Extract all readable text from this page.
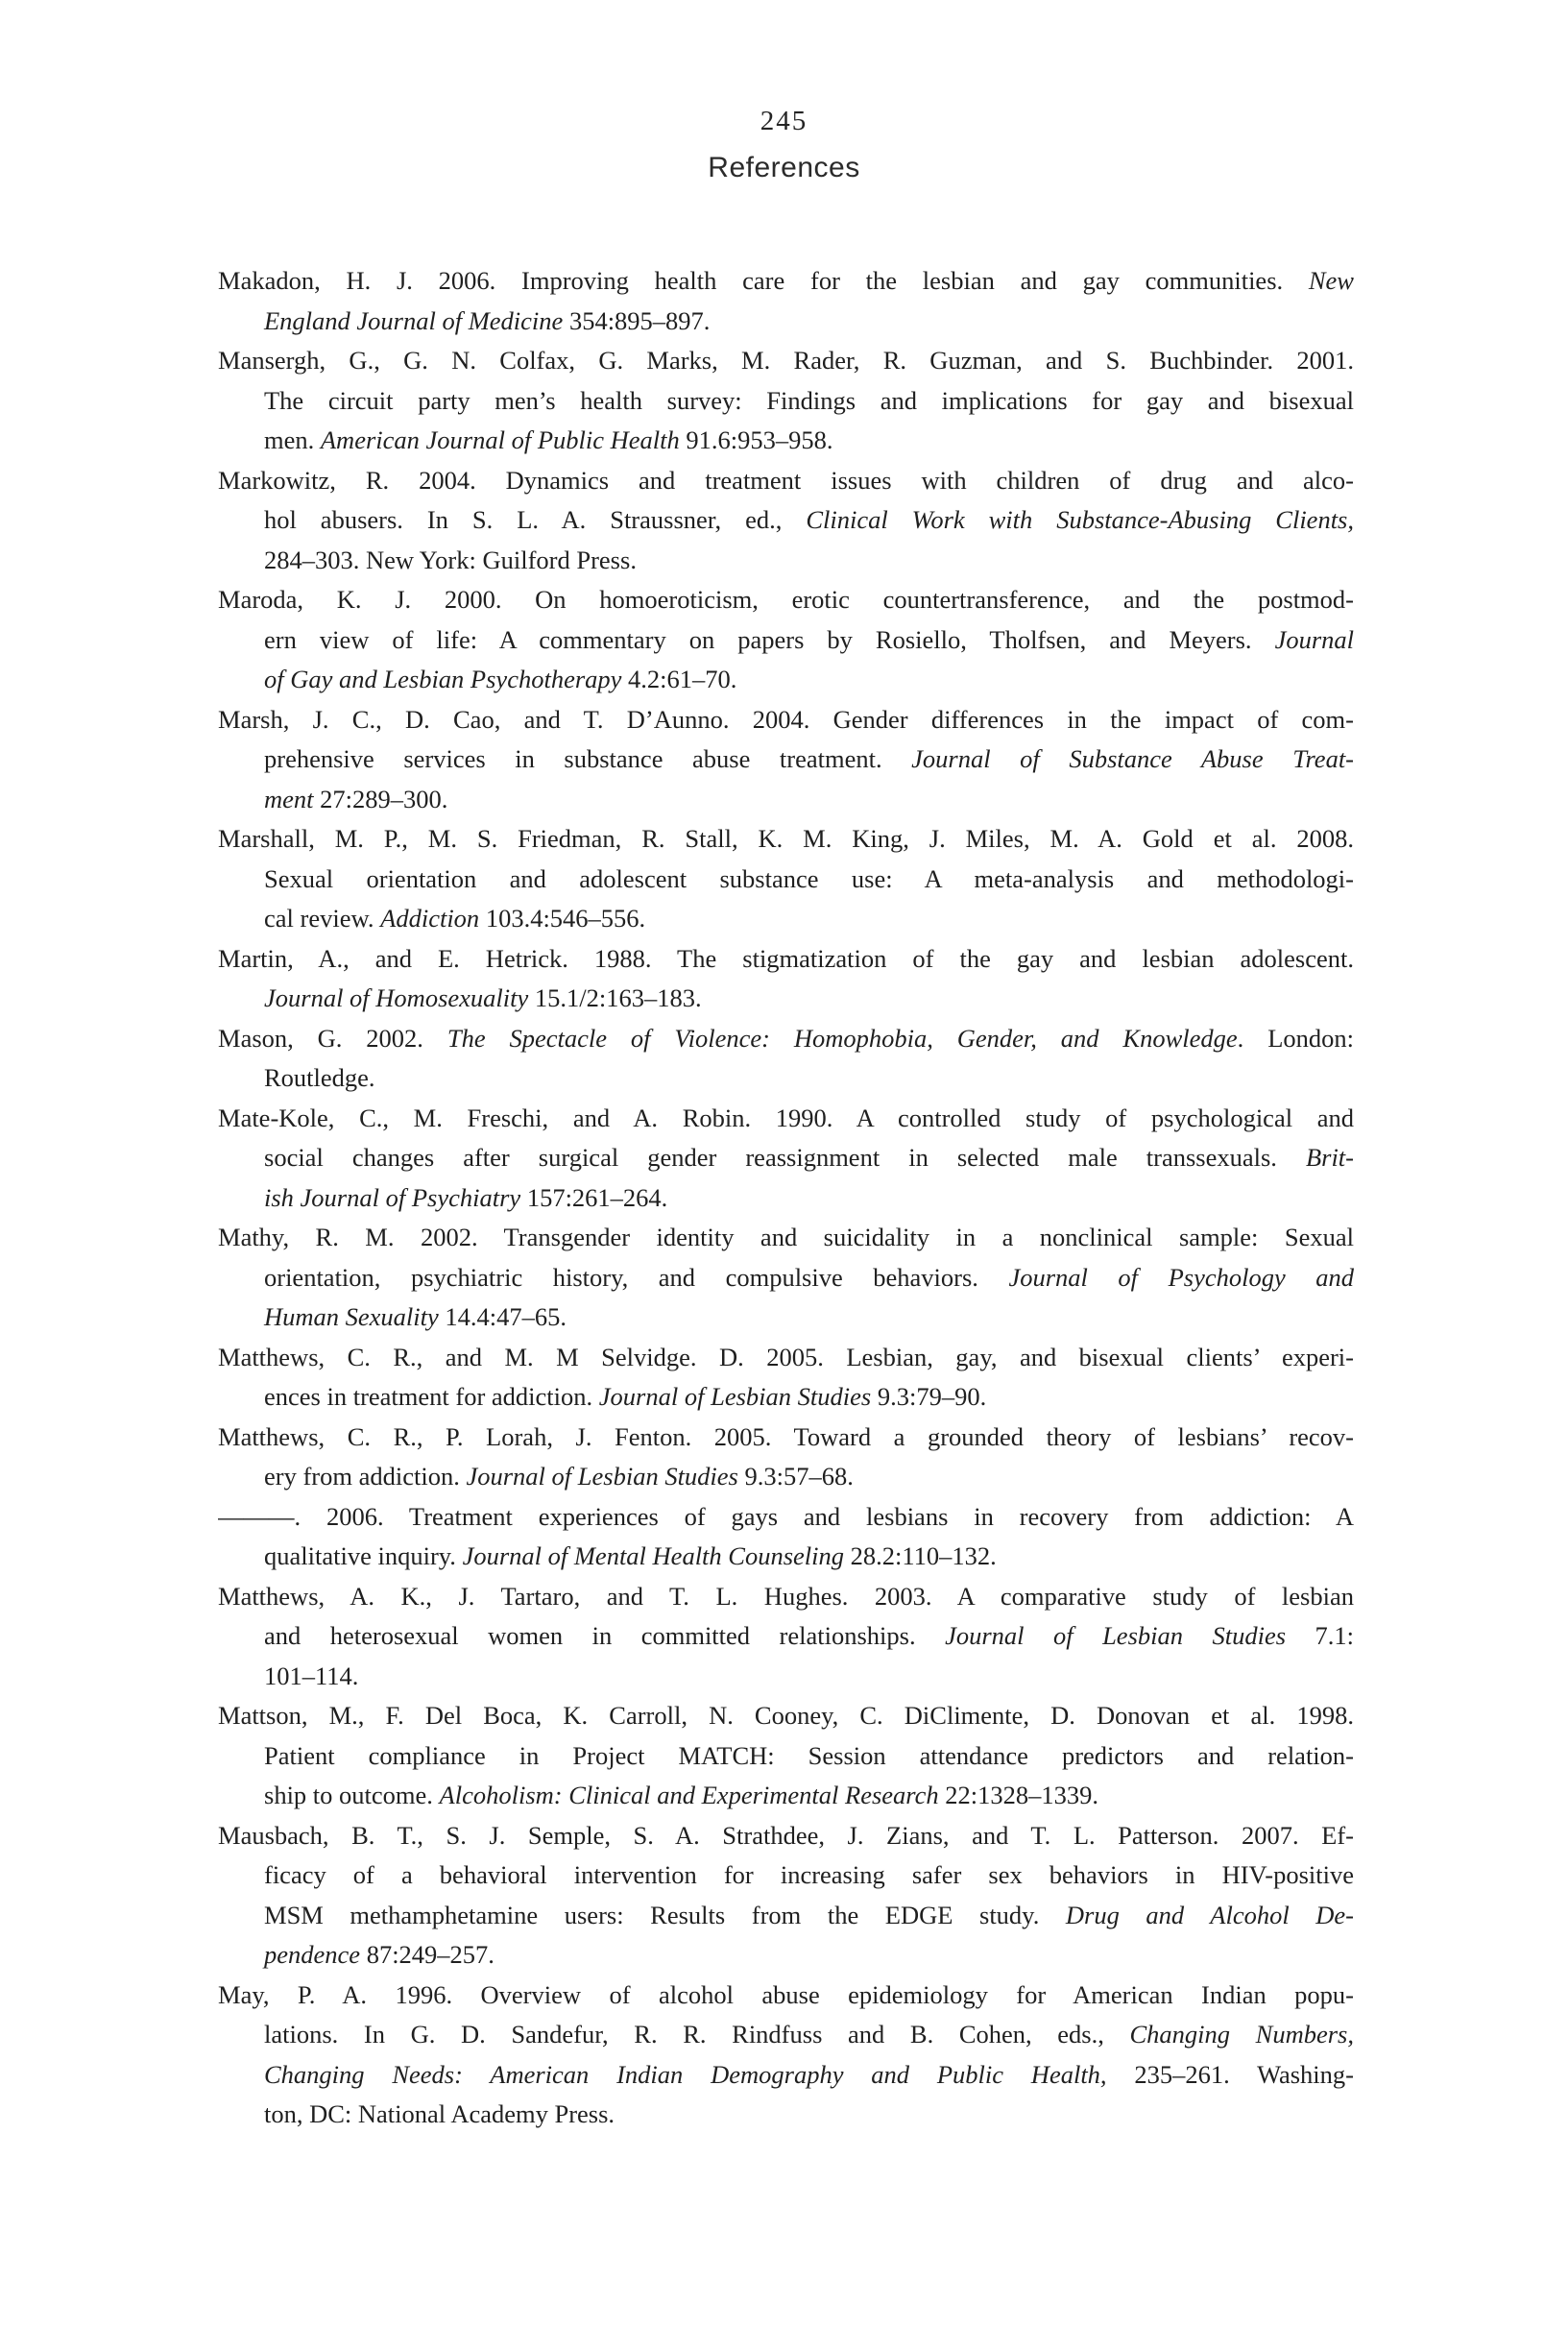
245
References
Makadon, H. J. 2006. Improving health care for the lesbian and gay communities. New
England Journal of Medicine 354:895–897.
Mansergh, G., G. N. Colfax, G. Marks, M. Rader, R. Guzman, and S. Buchbinder. 2001.
The circuit party men’s health survey: Findings and implications for gay and bisexual
men. American Journal of Public Health 91.6:953–958.
Markowitz, R. 2004. Dynamics and treatment issues with children of drug and alco-
hol abusers. In S. L. A. Straussner, ed., Clinical Work with Substance-Abusing Clients,
284–303. New York: Guilford Press.
Maroda, K. J. 2000. On homoeroticism, erotic countertransference, and the postmod-
ern view of life: A commentary on papers by Rosiello, Tholfsen, and Meyers. Journal
of Gay and Lesbian Psychotherapy 4.2:61–70.
Marsh, J. C., D. Cao, and T. D’Aunno. 2004. Gender differences in the impact of com-
prehensive services in substance abuse treatment. Journal of Substance Abuse Treat-
ment 27:289–300.
Marshall, M. P., M. S. Friedman, R. Stall, K. M. King, J. Miles, M. A. Gold et al. 2008.
Sexual orientation and adolescent substance use: A meta-analysis and methodologi-
cal review. Addiction 103.4:546–556.
Martin, A., and E. Hetrick. 1988. The stigmatization of the gay and lesbian adolescent.
Journal of Homosexuality 15.1/2:163–183.
Mason, G. 2002. The Spectacle of Violence: Homophobia, Gender, and Knowledge. London:
Routledge.
Mate-Kole, C., M. Freschi, and A. Robin. 1990. A controlled study of psychological and
social changes after surgical gender reassignment in selected male transsexuals. Brit-
ish Journal of Psychiatry 157:261–264.
Mathy, R. M. 2002. Transgender identity and suicidality in a nonclinical sample: Sexual
orientation, psychiatric history, and compulsive behaviors. Journal of Psychology and
Human Sexuality 14.4:47–65.
Matthews, C. R., and M. M Selvidge. D. 2005. Lesbian, gay, and bisexual clients’ experi-
ences in treatment for addiction. Journal of Lesbian Studies 9.3:79–90.
Matthews, C. R., P. Lorah, J. Fenton. 2005. Toward a grounded theory of lesbians’ recov-
ery from addiction. Journal of Lesbian Studies 9.3:57–68.
———. 2006. Treatment experiences of gays and lesbians in recovery from addiction: A
qualitative inquiry. Journal of Mental Health Counseling 28.2:110–132.
Matthews, A. K., J. Tartaro, and T. L. Hughes. 2003. A comparative study of lesbian
and heterosexual women in committed relationships. Journal of Lesbian Studies 7.1:
101–114.
Mattson, M., F. Del Boca, K. Carroll, N. Cooney, C. DiClimente, D. Donovan et al. 1998.
Patient compliance in Project MATCH: Session attendance predictors and relation-
ship to outcome. Alcoholism: Clinical and Experimental Research 22:1328–1339.
Mausbach, B. T., S. J. Semple, S. A. Strathdee, J. Zians, and T. L. Patterson. 2007. Ef-
ficacy of a behavioral intervention for increasing safer sex behaviors in HIV-positive
MSM methamphetamine users: Results from the EDGE study. Drug and Alcohol De-
pendence 87:249–257.
May, P. A. 1996. Overview of alcohol abuse epidemiology for American Indian popu-
lations. In G. D. Sandefur, R. R. Rindfuss and B. Cohen, eds., Changing Numbers,
Changing Needs: American Indian Demography and Public Health, 235–261. Washing-
ton, DC: National Academy Press.
